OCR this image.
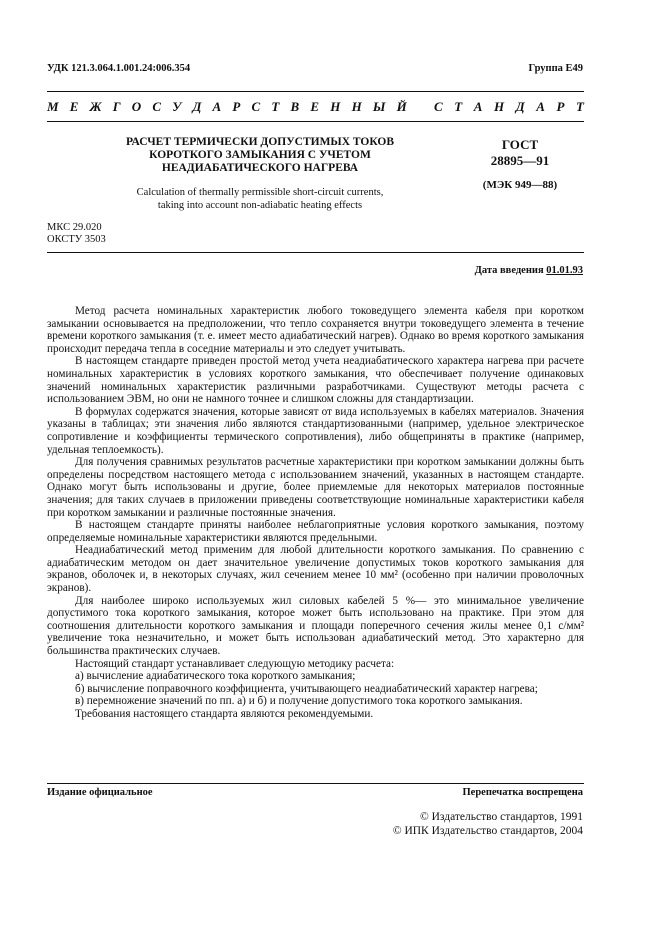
УДК 121.3.064.1.001.24:006.354	Группа Е49
М Е Ж Г О С У Д А Р С Т В Е Н Н Ы Й С Т А Н Д А Р Т
РАСЧЕТ ТЕРМИЧЕСКИ ДОПУСТИМЫХ ТОКОВ
КОРОТКОГО ЗАМЫКАНИЯ С УЧЕТОМ
НЕАДИАБАТИЧЕСКОГО НАГРЕВА
ГОСТ
28895—91
(МЭК 949—88)
Calculation of thermally permissible short-circuit currents,
taking into account non-adiabatic heating effects
МКС 29.020
ОКСТУ 3503
Дата введения 01.01.93

Метод расчета номинальных характеристик любого токоведущего элемента кабеля при коротком замыкании основывается на предположении, что тепло сохраняется внутри токоведущего элемента в течение времени короткого замыкания (т. е. имеет место адиабатический нагрев). Однако во время короткого замыкания происходит передача тепла в соседние материалы и это следует учитывать.

В настоящем стандарте приведен простой метод учета неадиабатического характера нагрева при расчете номинальных характеристик в условиях короткого замыкания, что обеспечивает получение одинаковых значений номинальных характеристик различными разработчиками. Существуют методы расчета с использованием ЭВМ, но они не намного точнее и слишком сложны для стандартизации.

В формулах содержатся значения, которые зависят от вида используемых в кабелях материалов. Значения указаны в таблицах; эти значения либо являются стандартизованными (например, удельное электрическое сопротивление и коэффициенты термического сопротивления), либо общеприняты в практике (например, удельная теплоемкость).

Для получения сравнимых результатов расчетные характеристики при коротком замыкании должны быть определены посредством настоящего метода с использованием значений, указанных в настоящем стандарте. Однако могут быть использованы и другие, более приемлемые для некоторых материалов постоянные значения; для таких случаев в приложении приведены соответствующие номинальные характеристики кабеля при коротком замыкании и различные постоянные значения.

В настоящем стандарте приняты наиболее неблагоприятные условия короткого замыкания, поэтому определяемые номинальные характеристики являются предельными.

Неадиабатический метод применим для любой длительности короткого замыкания. По сравнению с адиабатическим методом он дает значительное увеличение допустимых токов короткого замыкания для экранов, оболочек и, в некоторых случаях, жил сечением менее 10 мм² (особенно при наличии проволочных экранов).

Для наиболее широко используемых жил силовых кабелей 5 %— это минимальное увеличение допустимого тока короткого замыкания, которое может быть использовано на практике. При этом для соотношения длительности короткого замыкания и площади поперечного сечения жилы менее 0,1 с/мм² увеличение тока незначительно, и может быть использован адиабатический метод. Это характерно для большинства практических случаев.

Настоящий стандарт устанавливает следующую методику расчета:

а) вычисление адиабатического тока короткого замыкания;

б) вычисление поправочного коэффициента, учитывающего неадиабатический характер нагрева;

в) перемножение значений по пп. а) и б) и получение допустимого тока короткого замыкания.

Требования настоящего стандарта являются рекомендуемыми.

Издание официальное	Перепечатка воспрещена
© Издательство стандартов, 1991
© ИПК Издательство стандартов, 2004
